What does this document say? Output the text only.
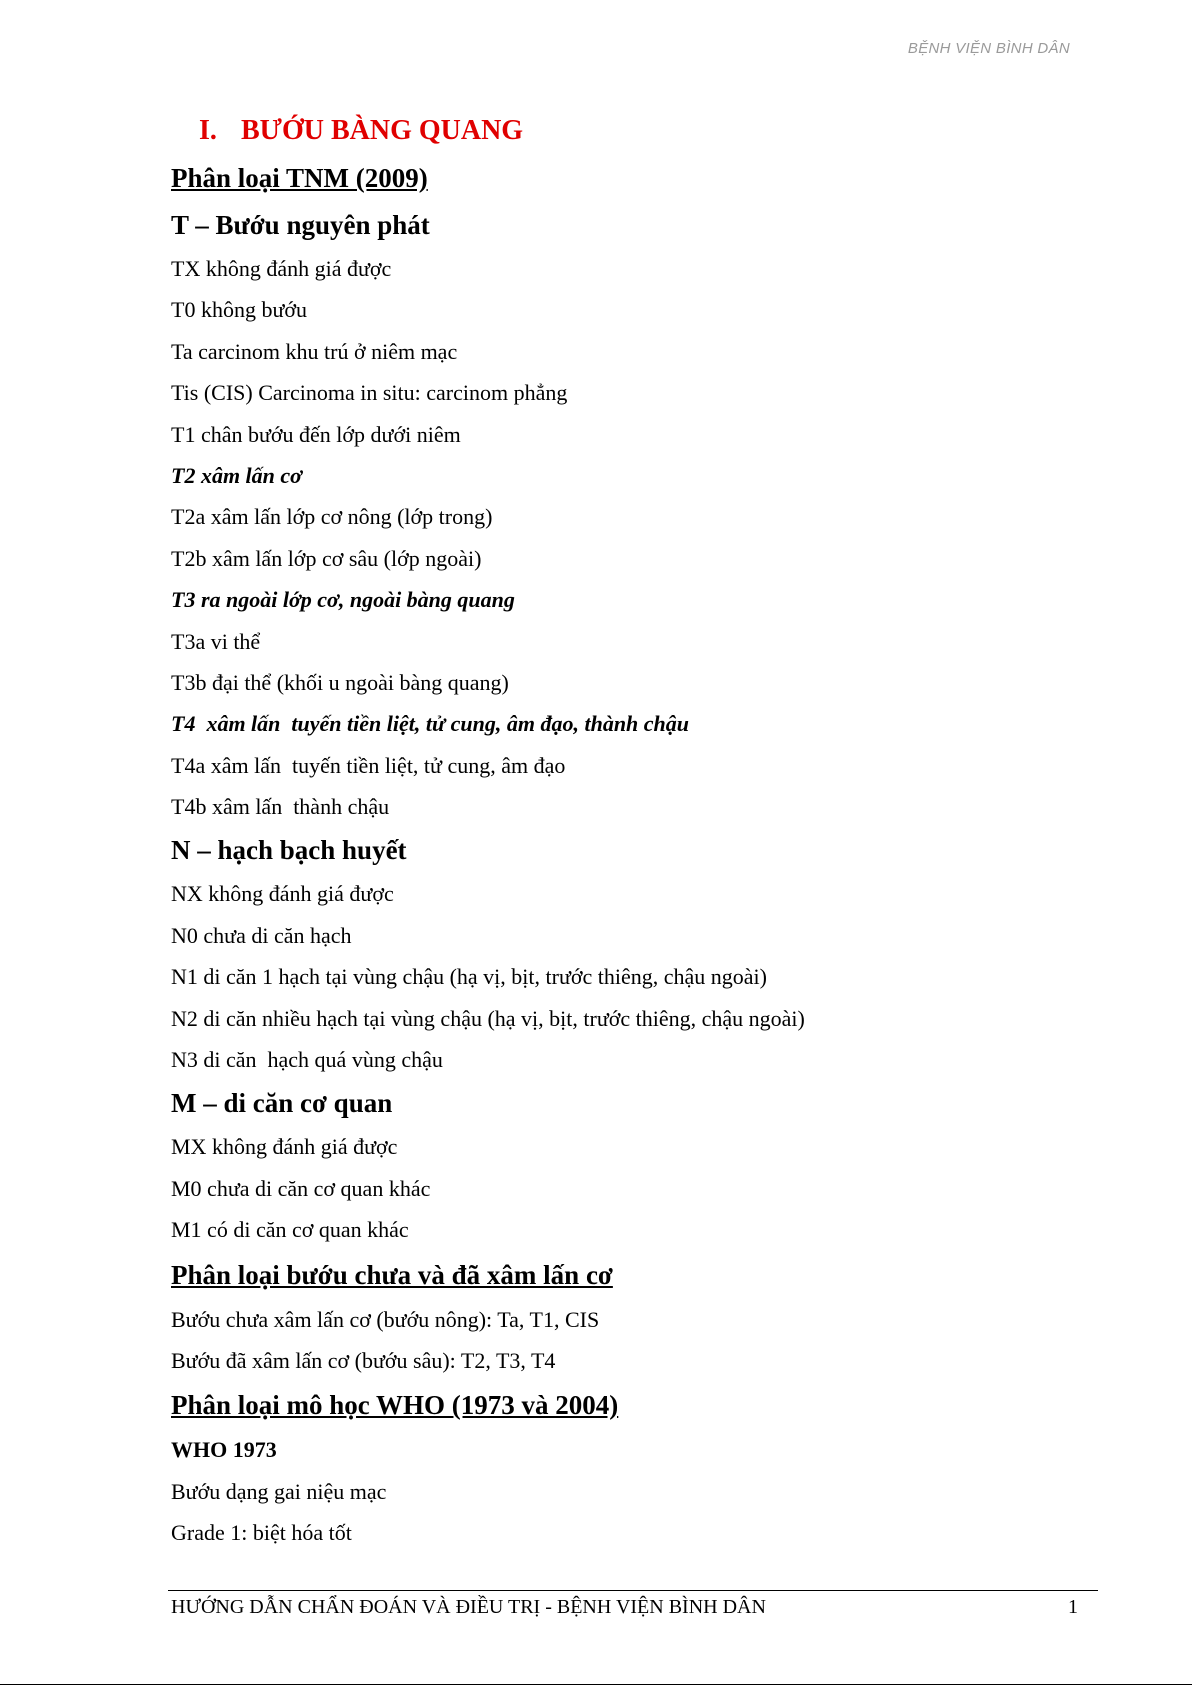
BỆNH VIỆN BÌNH DÂN
I. BƯỚU BÀNG QUANG
Phân loại TNM (2009)
T – Bướu nguyên phát

TX không đánh giá được

T0 không bướu

Ta carcinom khu trú ở niêm mạc

Tis (CIS) Carcinoma in situ: carcinom phẳng

T1 chân bướu đến lớp dưới niêm

T2 xâm lấn cơ

T2a xâm lấn lớp cơ nông (lớp trong)

T2b xâm lấn lớp cơ sâu (lớp ngoài)

T3 ra ngoài lớp cơ, ngoài bàng quang

T3a vi thể

T3b đại thể (khối u ngoài bàng quang)

T4  xâm lấn  tuyến tiền liệt, tử cung, âm đạo, thành chậu

T4a xâm lấn  tuyến tiền liệt, tử cung, âm đạo

T4b xâm lấn  thành chậu

N – hạch bạch huyết

NX không đánh giá được

N0 chưa di căn hạch

N1 di căn 1 hạch tại vùng chậu (hạ vị, bịt, trước thiêng, chậu ngoài)

N2 di căn nhiều hạch tại vùng chậu (hạ vị, bịt, trước thiêng, chậu ngoài)

N3 di căn  hạch quá vùng chậu

M – di căn cơ quan

MX không đánh giá được

M0 chưa di căn cơ quan khác

M1 có di căn cơ quan khác

Phân loại bướu chưa và đã xâm lấn cơ

Bướu chưa xâm lấn cơ (bướu nông): Ta, T1, CIS

Bướu đã xâm lấn cơ (bướu sâu): T2, T3, T4

Phân loại mô học WHO (1973 và 2004)

WHO 1973

Bướu dạng gai niệu mạc

Grade 1: biệt hóa tốt

HƯỚNG DẪN CHẨN ĐOÁN VÀ ĐIỀU TRỊ - BỆNH VIỆN BÌNH DÂN	1
